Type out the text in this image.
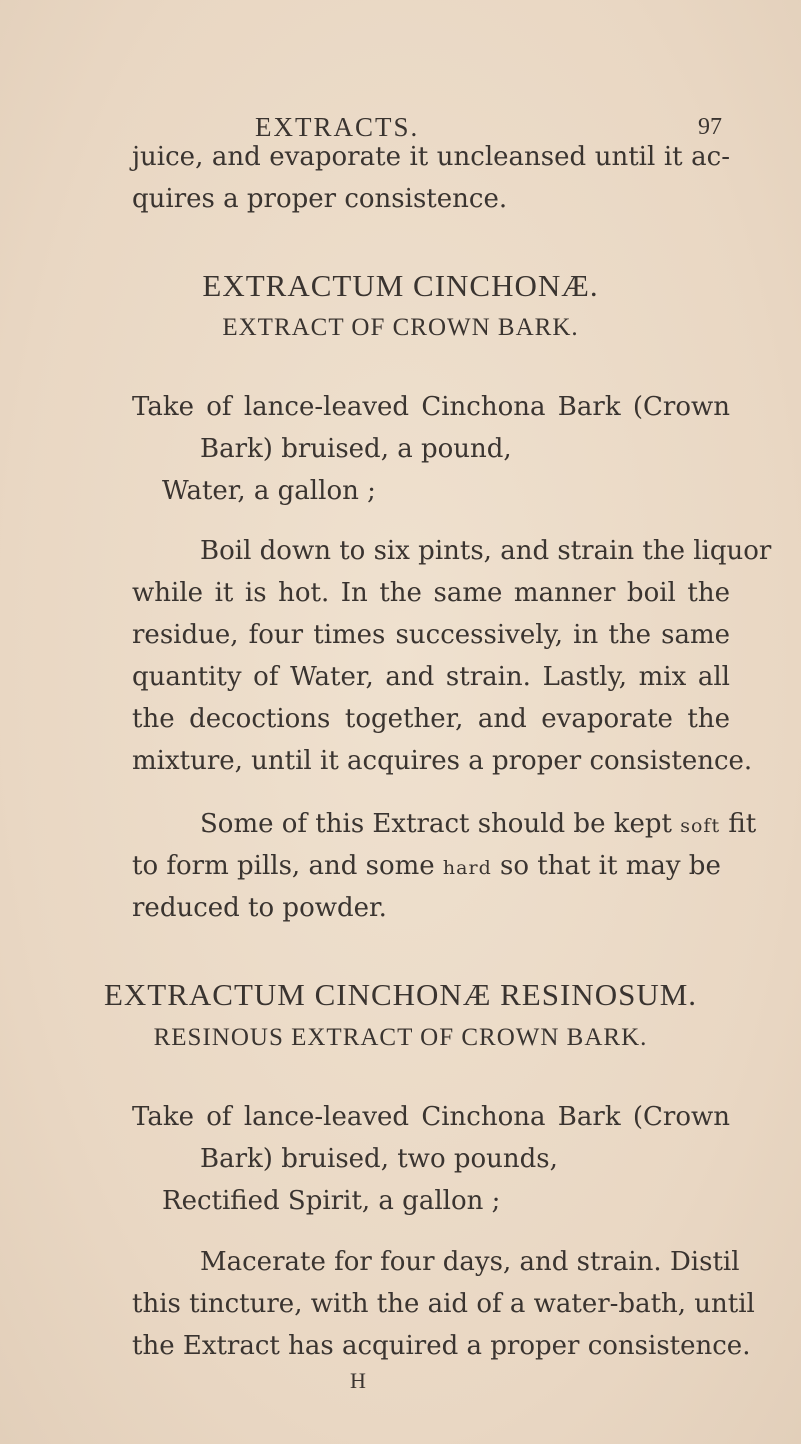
EXTRACTS.	97
juice, and evaporate it uncleansed until it ac-
quires a proper consistence.
EXTRACTUM CINCHONÆ.
EXTRACT OF CROWN BARK.
Take of lance-leaved Cinchona Bark (Crown
Bark) bruised, a pound,
Water, a gallon ;
Boil down to six pints, and strain the liquor
while it is hot. In the same manner boil the
residue, four times successively, in the same
quantity of Water, and strain. Lastly, mix all
the decoctions together, and evaporate the
mixture, until it acquires a proper consistence.
Some of this Extract should be kept soft fit
to form pills, and some hard so that it may be
reduced to powder.
EXTRACTUM CINCHONÆ RESINOSUM.
RESINOUS EXTRACT OF CROWN BARK.
Take of lance-leaved Cinchona Bark (Crown
Bark) bruised, two pounds,
Rectified Spirit, a gallon ;
Macerate for four days, and strain. Distil
this tincture, with the aid of a water-bath, until
the Extract has acquired a proper consistence.
H
